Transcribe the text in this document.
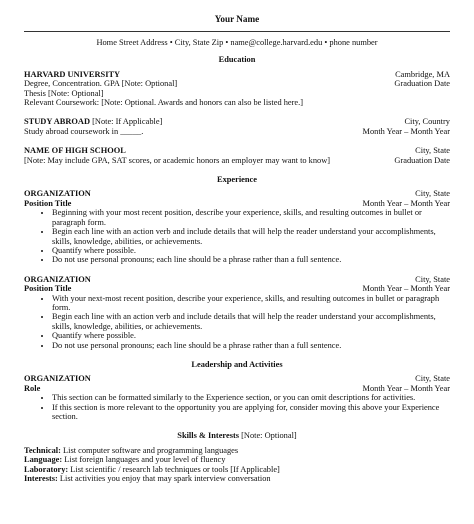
Your Name
Home Street Address • City, State Zip • name@college.harvard.edu • phone number
Education
HARVARD UNIVERSITY	Cambridge, MA
Degree, Concentration. GPA [Note: Optional]	Graduation Date
Thesis [Note: Optional]
Relevant Coursework: [Note: Optional. Awards and honors can also be listed here.]
STUDY ABROAD [Note: If Applicable]	City, Country
Study abroad coursework in _____.	Month Year – Month Year
NAME OF HIGH SCHOOL	City, State
[Note: May include GPA, SAT scores, or academic honors an employer may want to know]	Graduation Date
Experience
ORGANIZATION	City, State
Position Title	Month Year – Month Year
• Beginning with your most recent position, describe your experience, skills, and resulting outcomes in bullet or paragraph form.
• Begin each line with an action verb and include details that will help the reader understand your accomplishments, skills, knowledge, abilities, or achievements.
• Quantify where possible.
• Do not use personal pronouns; each line should be a phrase rather than a full sentence.
ORGANIZATION	City, State
Position Title	Month Year – Month Year
• With your next-most recent position, describe your experience, skills, and resulting outcomes in bullet or paragraph form.
• Begin each line with an action verb and include details that will help the reader understand your accomplishments, skills, knowledge, abilities, or achievements.
• Quantify where possible.
• Do not use personal pronouns; each line should be a phrase rather than a full sentence.
Leadership and Activities
ORGANIZATION	City, State
Role	Month Year – Month Year
• This section can be formatted similarly to the Experience section, or you can omit descriptions for activities.
• If this section is more relevant to the opportunity you are applying for, consider moving this above your Experience section.
Skills & Interests [Note: Optional]
Technical: List computer software and programming languages
Language: List foreign languages and your level of fluency
Laboratory: List scientific / research lab techniques or tools [If Applicable]
Interests: List activities you enjoy that may spark interview conversation
